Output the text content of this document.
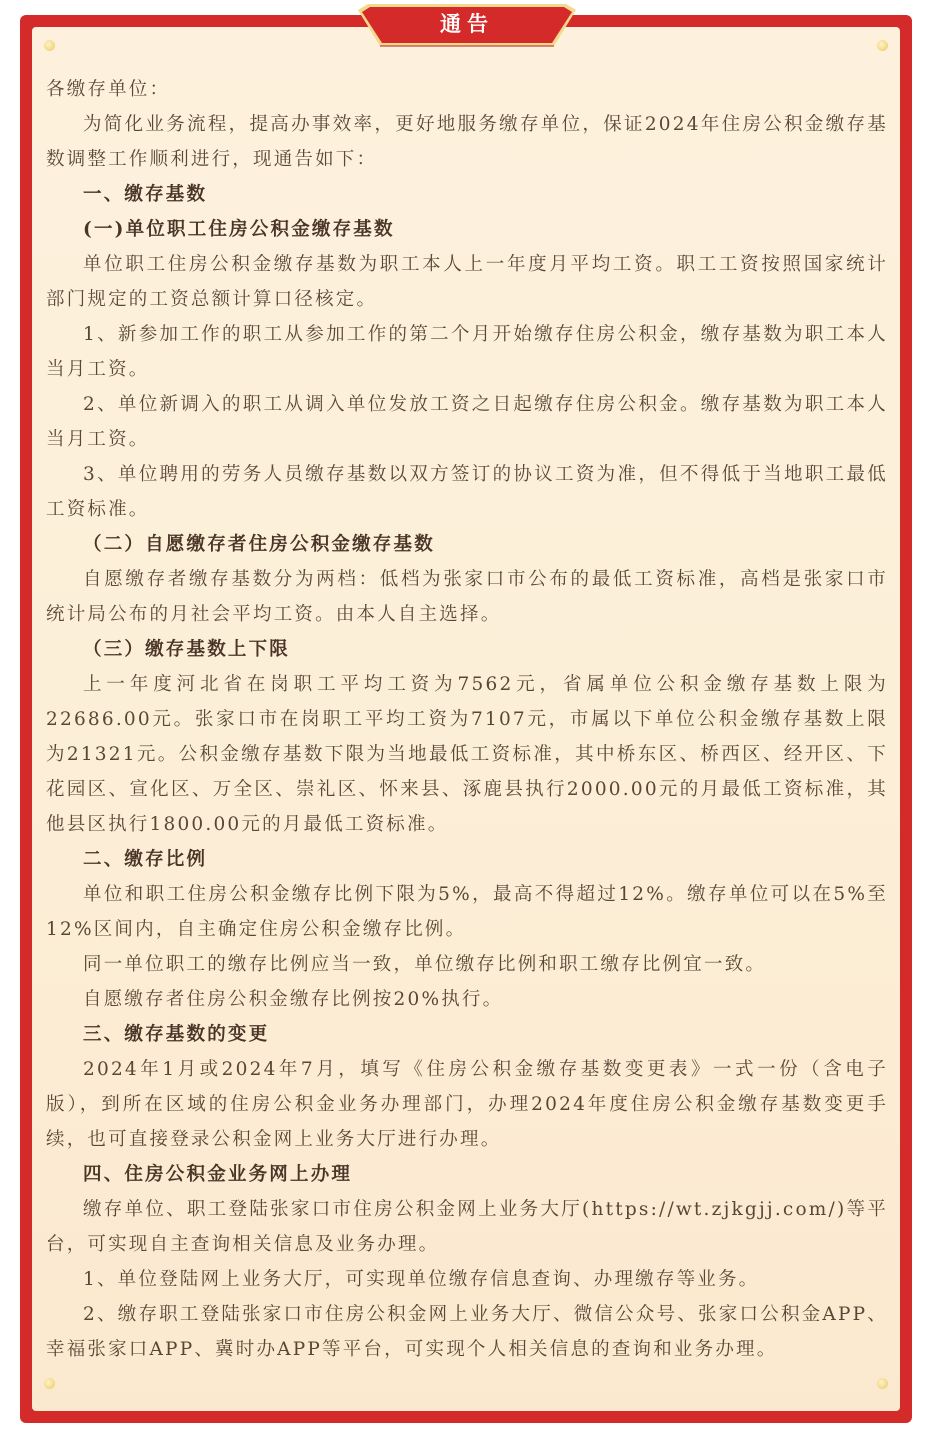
通告

各缴存单位：

为简化业务流程，提高办事效率，更好地服务缴存单位，保证2024年住房公积金缴存基数调整工作顺利进行，现通告如下：

一、缴存基数

(一)单位职工住房公积金缴存基数

单位职工住房公积金缴存基数为职工本人上一年度月平均工资。职工工资按照国家统计部门规定的工资总额计算口径核定。

1、新参加工作的职工从参加工作的第二个月开始缴存住房公积金，缴存基数为职工本人当月工资。

2、单位新调入的职工从调入单位发放工资之日起缴存住房公积金。缴存基数为职工本人当月工资。

3、单位聘用的劳务人员缴存基数以双方签订的协议工资为准，但不得低于当地职工最低工资标准。

（二）自愿缴存者住房公积金缴存基数

自愿缴存者缴存基数分为两档：低档为张家口市公布的最低工资标准，高档是张家口市统计局公布的月社会平均工资。由本人自主选择。

（三）缴存基数上下限

上一年度河北省在岗职工平均工资为7562元，省属单位公积金缴存基数上限为22686.00元。张家口市在岗职工平均工资为7107元，市属以下单位公积金缴存基数上限为21321元。公积金缴存基数下限为当地最低工资标准，其中桥东区、桥西区、经开区、下花园区、宣化区、万全区、崇礼区、怀来县、涿鹿县执行2000.00元的月最低工资标准，其他县区执行1800.00元的月最低工资标准。

二、缴存比例

单位和职工住房公积金缴存比例下限为5%，最高不得超过12%。缴存单位可以在5%至12%区间内，自主确定住房公积金缴存比例。

同一单位职工的缴存比例应当一致，单位缴存比例和职工缴存比例宜一致。

自愿缴存者住房公积金缴存比例按20%执行。

三、缴存基数的变更

2024年1月或2024年7月，填写《住房公积金缴存基数变更表》一式一份（含电子版），到所在区域的住房公积金业务办理部门，办理2024年度住房公积金缴存基数变更手续，也可直接登录公积金网上业务大厅进行办理。

四、住房公积金业务网上办理

缴存单位、职工登陆张家口市住房公积金网上业务大厅(https://wt.zjkgjj.com/)等平台，可实现自主查询相关信息及业务办理。

1、单位登陆网上业务大厅，可实现单位缴存信息查询、办理缴存等业务。

2、缴存职工登陆张家口市住房公积金网上业务大厅、微信公众号、张家口公积金APP、幸福张家口APP、冀时办APP等平台，可实现个人相关信息的查询和业务办理。
